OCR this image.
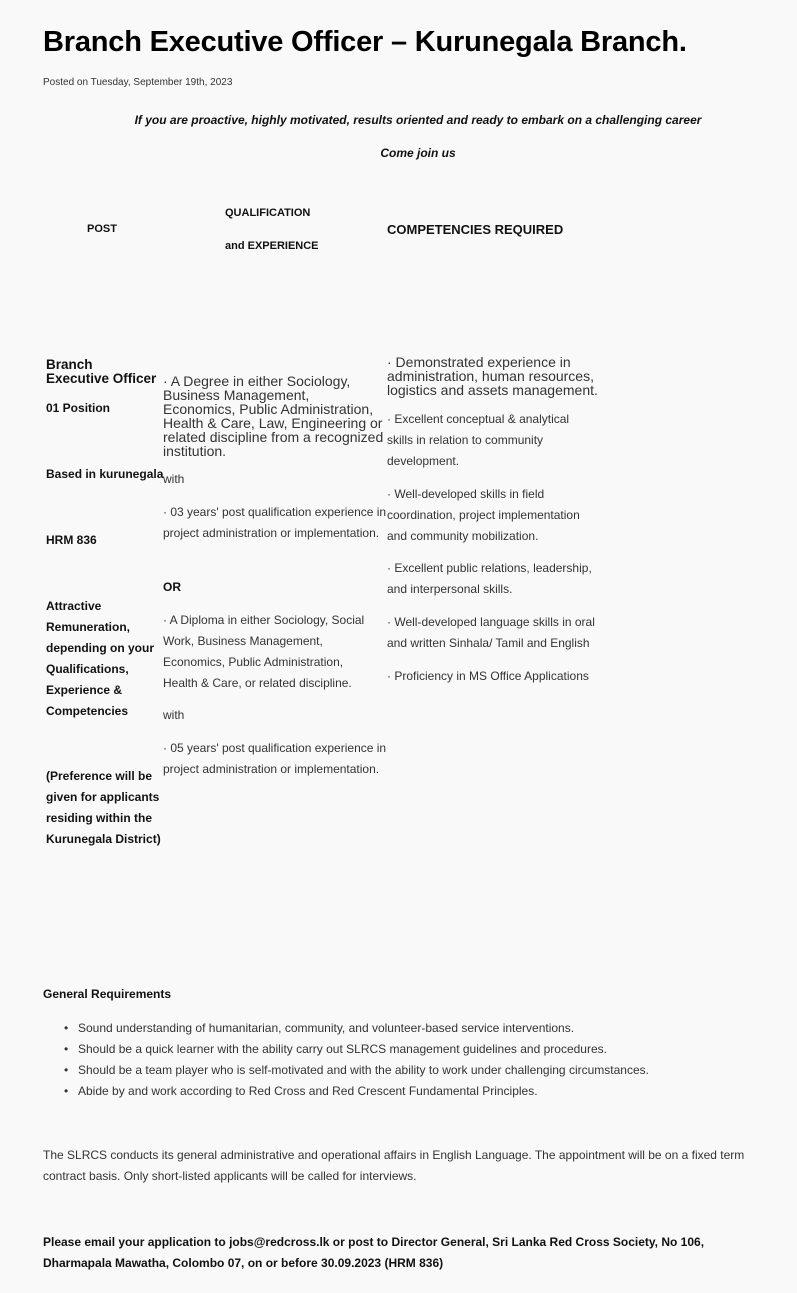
Branch Executive Officer – Kurunegala Branch.
Posted on Tuesday, September 19th, 2023
If you are proactive, highly motivated, results oriented and ready to embark on a challenging career
Come join us
POST
QUALIFICATION
and EXPERIENCE
COMPETENCIES REQUIRED
Branch Executive Officer
01 Position
Based in kurunegala
HRM 836
Attractive
Remuneration,
depending on your
Qualifications,
Experience &
Competencies
(Preference will be
given for applicants
residing within the
Kurunegala District)
· A Degree in either Sociology, Business Management, Economics, Public Administration, Health & Care, Law, Engineering or related discipline from a recognized institution.
with
· 03 years' post qualification experience in project administration or implementation.
OR
· A Diploma in either Sociology, Social Work, Business Management, Economics, Public Administration, Health & Care, or related discipline.
with
· 05 years' post qualification experience in project administration or implementation.
· Demonstrated experience in administration, human resources, logistics and assets management.
· Excellent conceptual & analytical skills in relation to community development.
· Well-developed skills in field coordination, project implementation and community mobilization.
· Excellent public relations, leadership, and interpersonal skills.
· Well-developed language skills in oral and written Sinhala/ Tamil and English
· Proficiency in MS Office Applications
General Requirements
• Sound understanding of humanitarian, community, and volunteer-based service interventions.
• Should be a quick learner with the ability carry out SLRCS management guidelines and procedures.
• Should be a team player who is self-motivated and with the ability to work under challenging circumstances.
• Abide by and work according to Red Cross and Red Crescent Fundamental Principles.
The SLRCS conducts its general administrative and operational affairs in English Language. The appointment will be on a fixed term contract basis. Only short-listed applicants will be called for interviews.
Please email your application to jobs@redcross.lk or post to Director General, Sri Lanka Red Cross Society, No 106, Dharmapala Mawatha, Colombo 07, on or before 30.09.2023 (HRM 836)
